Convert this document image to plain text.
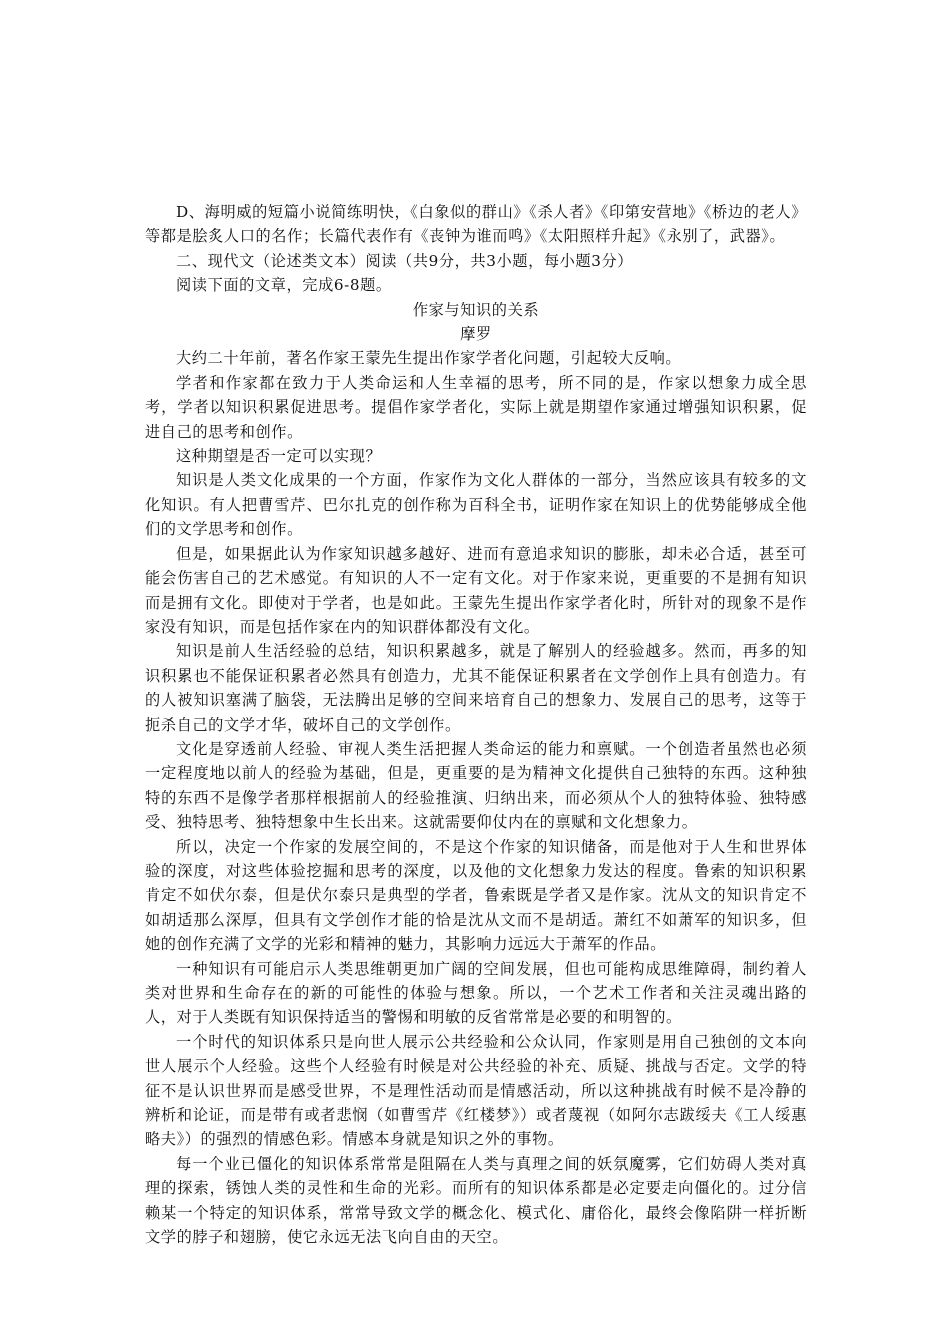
D、海明威的短篇小说简练明快，《白象似的群山》《杀人者》《印第安营地》《桥边的老人》等都是脍炙人口的名作；长篇代表作有《丧钟为谁而鸣》《太阳照样升起》《永别了，武器》。

二、现代文（论述类文本）阅读（共9分，共3小题，每小题3分）

阅读下面的文章，完成6-8题。

作家与知识的关系

摩罗

大约二十年前，著名作家王蒙先生提出作家学者化问题，引起较大反响。

学者和作家都在致力于人类命运和人生幸福的思考，所不同的是，作家以想象力成全思考，学者以知识积累促进思考。提倡作家学者化，实际上就是期望作家通过增强知识积累，促进自己的思考和创作。

这种期望是否一定可以实现？

知识是人类文化成果的一个方面，作家作为文化人群体的一部分，当然应该具有较多的文化知识。有人把曹雪芹、巴尔扎克的创作称为百科全书，证明作家在知识上的优势能够成全他们的文学思考和创作。

但是，如果据此认为作家知识越多越好、进而有意追求知识的膨胀，却未必合适，甚至可能会伤害自己的艺术感觉。有知识的人不一定有文化。对于作家来说，更重要的不是拥有知识而是拥有文化。即使对于学者，也是如此。王蒙先生提出作家学者化时，所针对的现象不是作家没有知识，而是包括作家在内的知识群体都没有文化。

知识是前人生活经验的总结，知识积累越多，就是了解别人的经验越多。然而，再多的知识积累也不能保证积累者必然具有创造力，尤其不能保证积累者在文学创作上具有创造力。有的人被知识塞满了脑袋，无法腾出足够的空间来培育自己的想象力、发展自己的思考，这等于扼杀自己的文学才华，破坏自己的文学创作。

文化是穿透前人经验、审视人类生活把握人类命运的能力和禀赋。一个创造者虽然也必须一定程度地以前人的经验为基础，但是，更重要的是为精神文化提供自己独特的东西。这种独特的东西不是像学者那样根据前人的经验推演、归纳出来，而必须从个人的独特体验、独特感受、独特思考、独特想象中生长出来。这就需要仰仗内在的禀赋和文化想象力。

所以，决定一个作家的发展空间的，不是这个作家的知识储备，而是他对于人生和世界体验的深度，对这些体验挖掘和思考的深度，以及他的文化想象力发达的程度。鲁索的知识积累肯定不如伏尔泰，但是伏尔泰只是典型的学者，鲁索既是学者又是作家。沈从文的知识肯定不如胡适那么深厚，但具有文学创作才能的恰是沈从文而不是胡适。萧红不如萧军的知识多，但她的创作充满了文学的光彩和精神的魅力，其影响力远远大于萧军的作品。

一种知识有可能启示人类思维朝更加广阔的空间发展，但也可能构成思维障碍，制约着人类对世界和生命存在的新的可能性的体验与想象。所以，一个艺术工作者和关注灵魂出路的人，对于人类既有知识保持适当的警惕和明敏的反省常常是必要的和明智的。

一个时代的知识体系只是向世人展示公共经验和公众认同，作家则是用自己独创的文本向世人展示个人经验。这些个人经验有时候是对公共经验的补充、质疑、挑战与否定。文学的特征不是认识世界而是感受世界，不是理性活动而是情感活动，所以这种挑战有时候不是冷静的辨析和论证，而是带有或者悲悯（如曹雪芹《红楼梦》）或者蔑视（如阿尔志跋绥夫《工人绥惠略夫》）的强烈的情感色彩。情感本身就是知识之外的事物。

每一个业已僵化的知识体系常常是阻隔在人类与真理之间的妖氛魔雾，它们妨碍人类对真理的探索，锈蚀人类的灵性和生命的光彩。而所有的知识体系都是必定要走向僵化的。过分信赖某一个特定的知识体系，常常导致文学的概念化、模式化、庸俗化，最终会像陷阱一样折断文学的脖子和翅膀，使它永远无法飞向自由的天空。
